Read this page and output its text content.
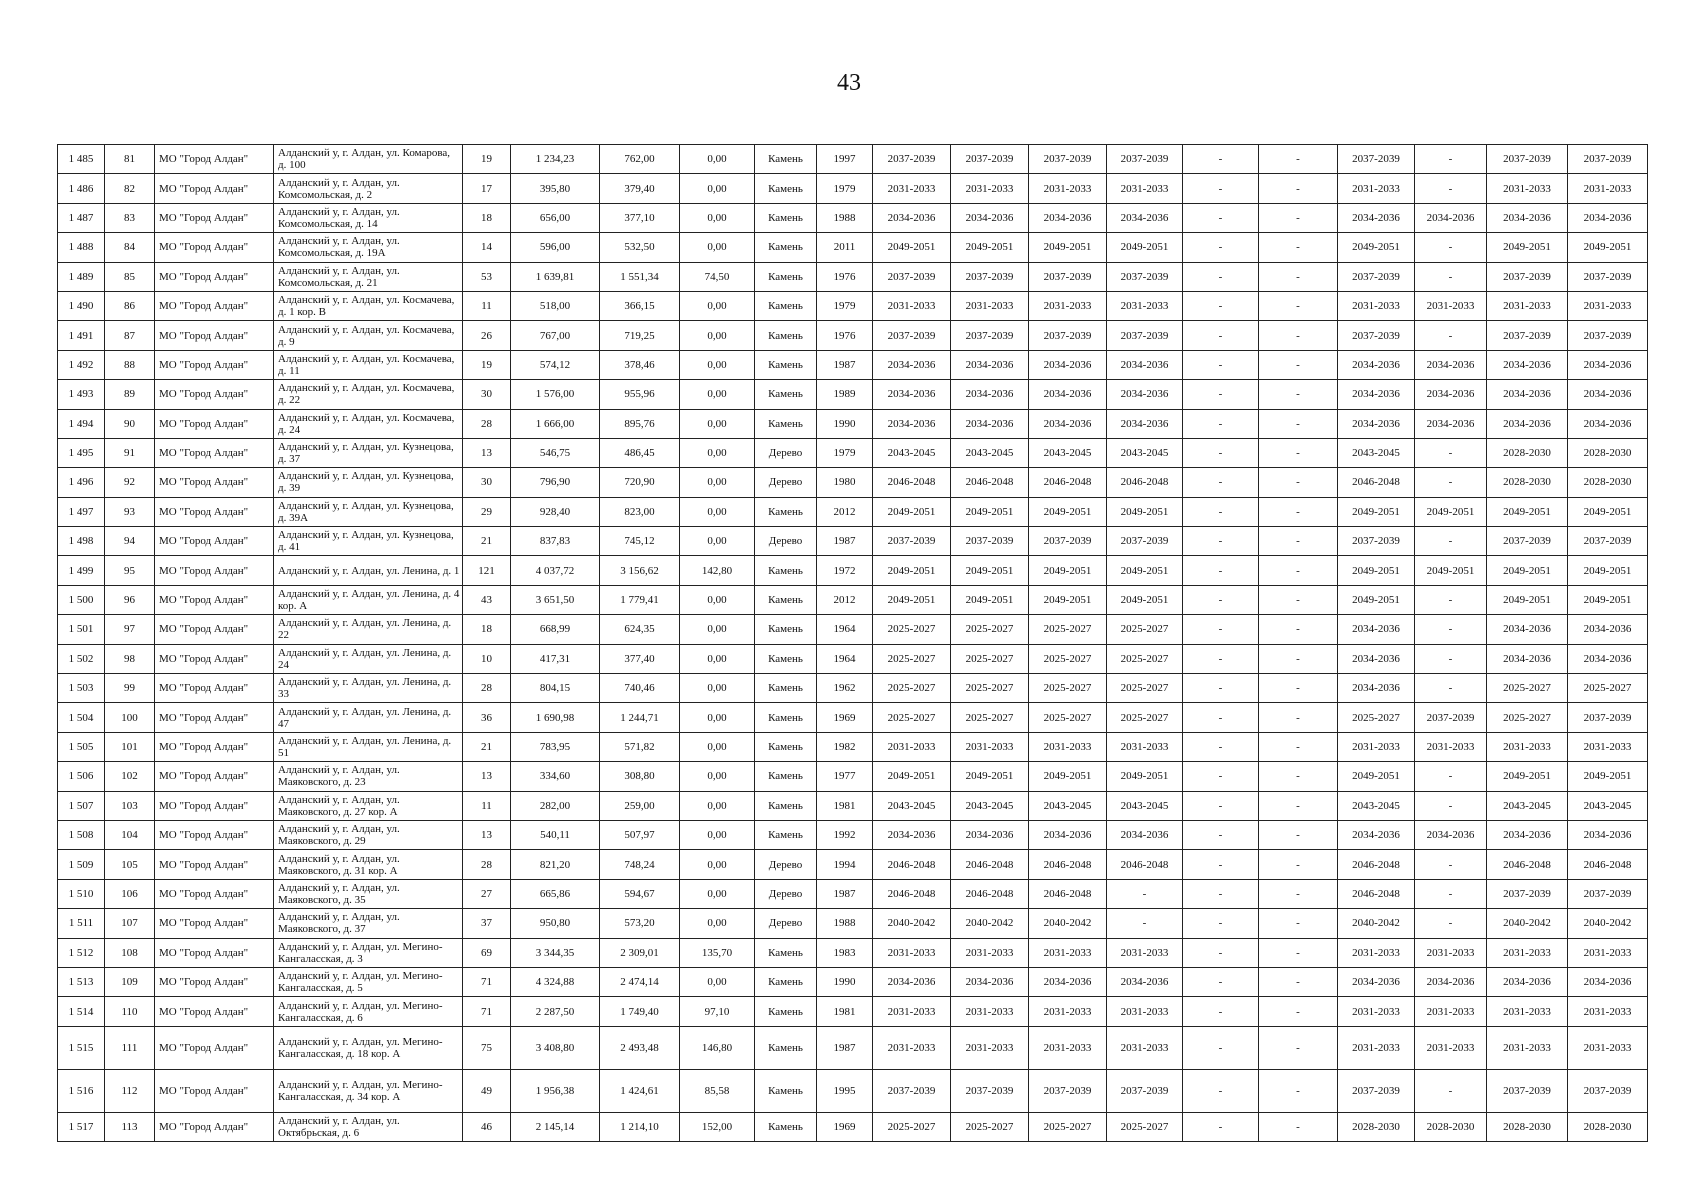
43
1 485	81	МО "Город Алдан"	Алданский у, г. Алдан, ул. Комарова, д. 100	19	1 234,23	762,00	0,00	Камень	1997	2037-2039	2037-2039	2037-2039	2037-2039	-	-	2037-2039	-	2037-2039	2037-2039
1 486	82	МО "Город Алдан"	Алданский у, г. Алдан, ул. Комсомольская, д. 2	17	395,80	379,40	0,00	Камень	1979	2031-2033	2031-2033	2031-2033	2031-2033	-	-	2031-2033	-	2031-2033	2031-2033
1 487	83	МО "Город Алдан"	Алданский у, г. Алдан, ул. Комсомольская, д. 14	18	656,00	377,10	0,00	Камень	1988	2034-2036	2034-2036	2034-2036	2034-2036	-	-	2034-2036	2034-2036	2034-2036	2034-2036
1 488	84	МО "Город Алдан"	Алданский у, г. Алдан, ул. Комсомольская, д. 19А	14	596,00	532,50	0,00	Камень	2011	2049-2051	2049-2051	2049-2051	2049-2051	-	-	2049-2051	-	2049-2051	2049-2051
1 489	85	МО "Город Алдан"	Алданский у, г. Алдан, ул. Комсомольская, д. 21	53	1 639,81	1 551,34	74,50	Камень	1976	2037-2039	2037-2039	2037-2039	2037-2039	-	-	2037-2039	-	2037-2039	2037-2039
1 490	86	МО "Город Алдан"	Алданский у, г. Алдан, ул. Космачева, д. 1 кор. В	11	518,00	366,15	0,00	Камень	1979	2031-2033	2031-2033	2031-2033	2031-2033	-	-	2031-2033	2031-2033	2031-2033	2031-2033
1 491	87	МО "Город Алдан"	Алданский у, г. Алдан, ул. Космачева, д. 9	26	767,00	719,25	0,00	Камень	1976	2037-2039	2037-2039	2037-2039	2037-2039	-	-	2037-2039	-	2037-2039	2037-2039
1 492	88	МО "Город Алдан"	Алданский у, г. Алдан, ул. Космачева, д. 11	19	574,12	378,46	0,00	Камень	1987	2034-2036	2034-2036	2034-2036	2034-2036	-	-	2034-2036	2034-2036	2034-2036	2034-2036
1 493	89	МО "Город Алдан"	Алданский у, г. Алдан, ул. Космачева, д. 22	30	1 576,00	955,96	0,00	Камень	1989	2034-2036	2034-2036	2034-2036	2034-2036	-	-	2034-2036	2034-2036	2034-2036	2034-2036
1 494	90	МО "Город Алдан"	Алданский у, г. Алдан, ул. Космачева, д. 24	28	1 666,00	895,76	0,00	Камень	1990	2034-2036	2034-2036	2034-2036	2034-2036	-	-	2034-2036	2034-2036	2034-2036	2034-2036
1 495	91	МО "Город Алдан"	Алданский у, г. Алдан, ул. Кузнецова, д. 37	13	546,75	486,45	0,00	Дерево	1979	2043-2045	2043-2045	2043-2045	2043-2045	-	-	2043-2045	-	2028-2030	2028-2030
1 496	92	МО "Город Алдан"	Алданский у, г. Алдан, ул. Кузнецова, д. 39	30	796,90	720,90	0,00	Дерево	1980	2046-2048	2046-2048	2046-2048	2046-2048	-	-	2046-2048	-	2028-2030	2028-2030
1 497	93	МО "Город Алдан"	Алданский у, г. Алдан, ул. Кузнецова, д. 39А	29	928,40	823,00	0,00	Камень	2012	2049-2051	2049-2051	2049-2051	2049-2051	-	-	2049-2051	2049-2051	2049-2051	2049-2051
1 498	94	МО "Город Алдан"	Алданский у, г. Алдан, ул. Кузнецова, д. 41	21	837,83	745,12	0,00	Дерево	1987	2037-2039	2037-2039	2037-2039	2037-2039	-	-	2037-2039	-	2037-2039	2037-2039
1 499	95	МО "Город Алдан"	Алданский у, г. Алдан, ул. Ленина, д. 1	121	4 037,72	3 156,62	142,80	Камень	1972	2049-2051	2049-2051	2049-2051	2049-2051	-	-	2049-2051	2049-2051	2049-2051	2049-2051
1 500	96	МО "Город Алдан"	Алданский у, г. Алдан, ул. Ленина, д. 4 кор. А	43	3 651,50	1 779,41	0,00	Камень	2012	2049-2051	2049-2051	2049-2051	2049-2051	-	-	2049-2051	-	2049-2051	2049-2051
1 501	97	МО "Город Алдан"	Алданский у, г. Алдан, ул. Ленина, д. 22	18	668,99	624,35	0,00	Камень	1964	2025-2027	2025-2027	2025-2027	2025-2027	-	-	2034-2036	-	2034-2036	2034-2036
1 502	98	МО "Город Алдан"	Алданский у, г. Алдан, ул. Ленина, д. 24	10	417,31	377,40	0,00	Камень	1964	2025-2027	2025-2027	2025-2027	2025-2027	-	-	2034-2036	-	2034-2036	2034-2036
1 503	99	МО "Город Алдан"	Алданский у, г. Алдан, ул. Ленина, д. 33	28	804,15	740,46	0,00	Камень	1962	2025-2027	2025-2027	2025-2027	2025-2027	-	-	2034-2036	-	2025-2027	2025-2027
1 504	100	МО "Город Алдан"	Алданский у, г. Алдан, ул. Ленина, д. 47	36	1 690,98	1 244,71	0,00	Камень	1969	2025-2027	2025-2027	2025-2027	2025-2027	-	-	2025-2027	2037-2039	2025-2027	2037-2039
1 505	101	МО "Город Алдан"	Алданский у, г. Алдан, ул. Ленина, д. 51	21	783,95	571,82	0,00	Камень	1982	2031-2033	2031-2033	2031-2033	2031-2033	-	-	2031-2033	2031-2033	2031-2033	2031-2033
1 506	102	МО "Город Алдан"	Алданский у, г. Алдан, ул. Маяковского, д. 23	13	334,60	308,80	0,00	Камень	1977	2049-2051	2049-2051	2049-2051	2049-2051	-	-	2049-2051	-	2049-2051	2049-2051
1 507	103	МО "Город Алдан"	Алданский у, г. Алдан, ул. Маяковского, д. 27 кор. А	11	282,00	259,00	0,00	Камень	1981	2043-2045	2043-2045	2043-2045	2043-2045	-	-	2043-2045	-	2043-2045	2043-2045
1 508	104	МО "Город Алдан"	Алданский у, г. Алдан, ул. Маяковского, д. 29	13	540,11	507,97	0,00	Камень	1992	2034-2036	2034-2036	2034-2036	2034-2036	-	-	2034-2036	2034-2036	2034-2036	2034-2036
1 509	105	МО "Город Алдан"	Алданский у, г. Алдан, ул. Маяковского, д. 31 кор. А	28	821,20	748,24	0,00	Дерево	1994	2046-2048	2046-2048	2046-2048	2046-2048	-	-	2046-2048	-	2046-2048	2046-2048
1 510	106	МО "Город Алдан"	Алданский у, г. Алдан, ул. Маяковского, д. 35	27	665,86	594,67	0,00	Дерево	1987	2046-2048	2046-2048	2046-2048	-	-	-	2046-2048	-	2037-2039	2037-2039
1 511	107	МО "Город Алдан"	Алданский у, г. Алдан, ул. Маяковского, д. 37	37	950,80	573,20	0,00	Дерево	1988	2040-2042	2040-2042	2040-2042	-	-	-	2040-2042	-	2040-2042	2040-2042
1 512	108	МО "Город Алдан"	Алданский у, г. Алдан, ул. Мегино-Кангаласская, д. 3	69	3 344,35	2 309,01	135,70	Камень	1983	2031-2033	2031-2033	2031-2033	2031-2033	-	-	2031-2033	2031-2033	2031-2033	2031-2033
1 513	109	МО "Город Алдан"	Алданский у, г. Алдан, ул. Мегино-Кангаласская, д. 5	71	4 324,88	2 474,14	0,00	Камень	1990	2034-2036	2034-2036	2034-2036	2034-2036	-	-	2034-2036	2034-2036	2034-2036	2034-2036
1 514	110	МО "Город Алдан"	Алданский у, г. Алдан, ул. Мегино-Кангаласская, д. 6	71	2 287,50	1 749,40	97,10	Камень	1981	2031-2033	2031-2033	2031-2033	2031-2033	-	-	2031-2033	2031-2033	2031-2033	2031-2033
1 515	111	МО "Город Алдан"	Алданский у, г. Алдан, ул. Мегино-Кангаласская, д. 18 кор. А	75	3 408,80	2 493,48	146,80	Камень	1987	2031-2033	2031-2033	2031-2033	2031-2033	-	-	2031-2033	2031-2033	2031-2033	2031-2033
1 516	112	МО "Город Алдан"	Алданский у, г. Алдан, ул. Мегино-Кангаласская, д. 34 кор. А	49	1 956,38	1 424,61	85,58	Камень	1995	2037-2039	2037-2039	2037-2039	2037-2039	-	-	2037-2039	-	2037-2039	2037-2039
1 517	113	МО "Город Алдан"	Алданский у, г. Алдан, ул. Октябрьская, д. 6	46	2 145,14	1 214,10	152,00	Камень	1969	2025-2027	2025-2027	2025-2027	2025-2027	-	-	2028-2030	2028-2030	2028-2030	2028-2030
